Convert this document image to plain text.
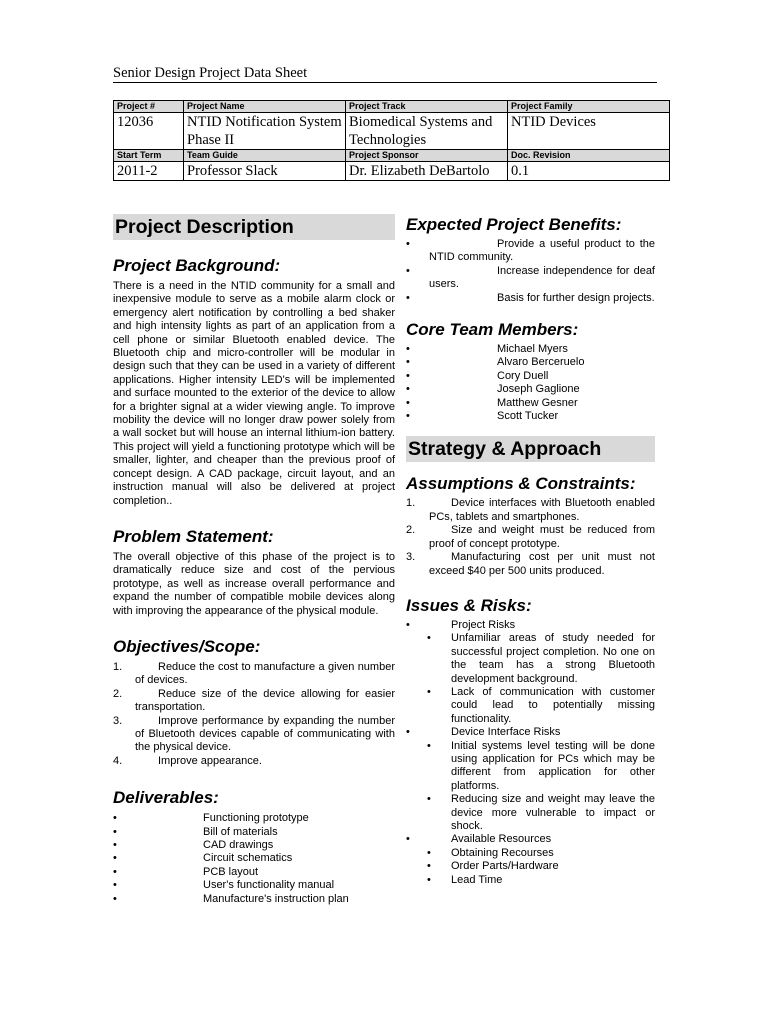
Senior Design Project Data Sheet
Project #	Project Name	Project Track	Project Family
12036	NTID Notification System Phase II	Biomedical Systems and Technologies	NTID Devices
Start Term	Team Guide	Project Sponsor	Doc. Revision
2011-2	Professor Slack	Dr. Elizabeth DeBartolo	0.1
Project Description
Project Background:
There is a need in the NTID community for a small and inexpensive module to serve as a mobile alarm clock or emergency alert notification by controlling a bed shaker and high intensity lights as part of an application from a cell phone or similar Bluetooth enabled device. The Bluetooth chip and micro-controller will be modular in design such that they can be used in a variety of different applications. Higher intensity LED's will be implemented and surface mounted to the exterior of the device to allow for a brighter signal at a wider viewing angle. To improve mobility the device will no longer draw power solely from a wall socket but will house an internal lithium-ion battery. This project will yield a functioning prototype which will be smaller, lighter, and cheaper than the previous proof of concept design. A CAD package, circuit layout, and an instruction manual will also be delivered at project completion..
Problem Statement:
The overall objective of this phase of the project is to dramatically reduce size and cost of the pervious prototype, as well as increase overall performance and expand the number of compatible mobile devices along with improving the appearance of the physical module.
Objectives/Scope:
1.	Reduce the cost to manufacture a given number of devices.
2.	Reduce size of the device allowing for easier transportation.
3.	Improve performance by expanding the number of Bluetooth devices capable of communicating with the physical device.
4.	Improve appearance.
Deliverables:
•	Functioning prototype
•	Bill of materials
•	CAD drawings
•	Circuit schematics
•	PCB layout
•	User's functionality manual
•	Manufacture's instruction plan
Expected Project Benefits:
•	Provide a useful product to the NTID community.
•	Increase independence for deaf users.
•	Basis for further design projects.
Core Team Members:
•	Michael Myers
•	Alvaro Berceruelo
•	Cory Duell
•	Joseph Gaglione
•	Matthew Gesner
•	Scott Tucker
Strategy & Approach
Assumptions & Constraints:
1.	Device interfaces with Bluetooth enabled PCs, tablets and smartphones.
2.	Size and weight must be reduced from proof of concept prototype.
3.	Manufacturing cost per unit must not exceed $40 per 500 units produced.
Issues & Risks:
•	Project Risks
• Unfamiliar areas of study needed for successful project completion. No one on the team has a strong Bluetooth development background.
• Lack of communication with customer could lead to potentially missing functionality.
•	Device Interface Risks
• Initial systems level testing will be done using application for PCs which may be different from application for other platforms.
• Reducing size and weight may leave the device more vulnerable to impact or shock.
•	Available Resources
• Obtaining Recourses
• Order Parts/Hardware
• Lead Time
